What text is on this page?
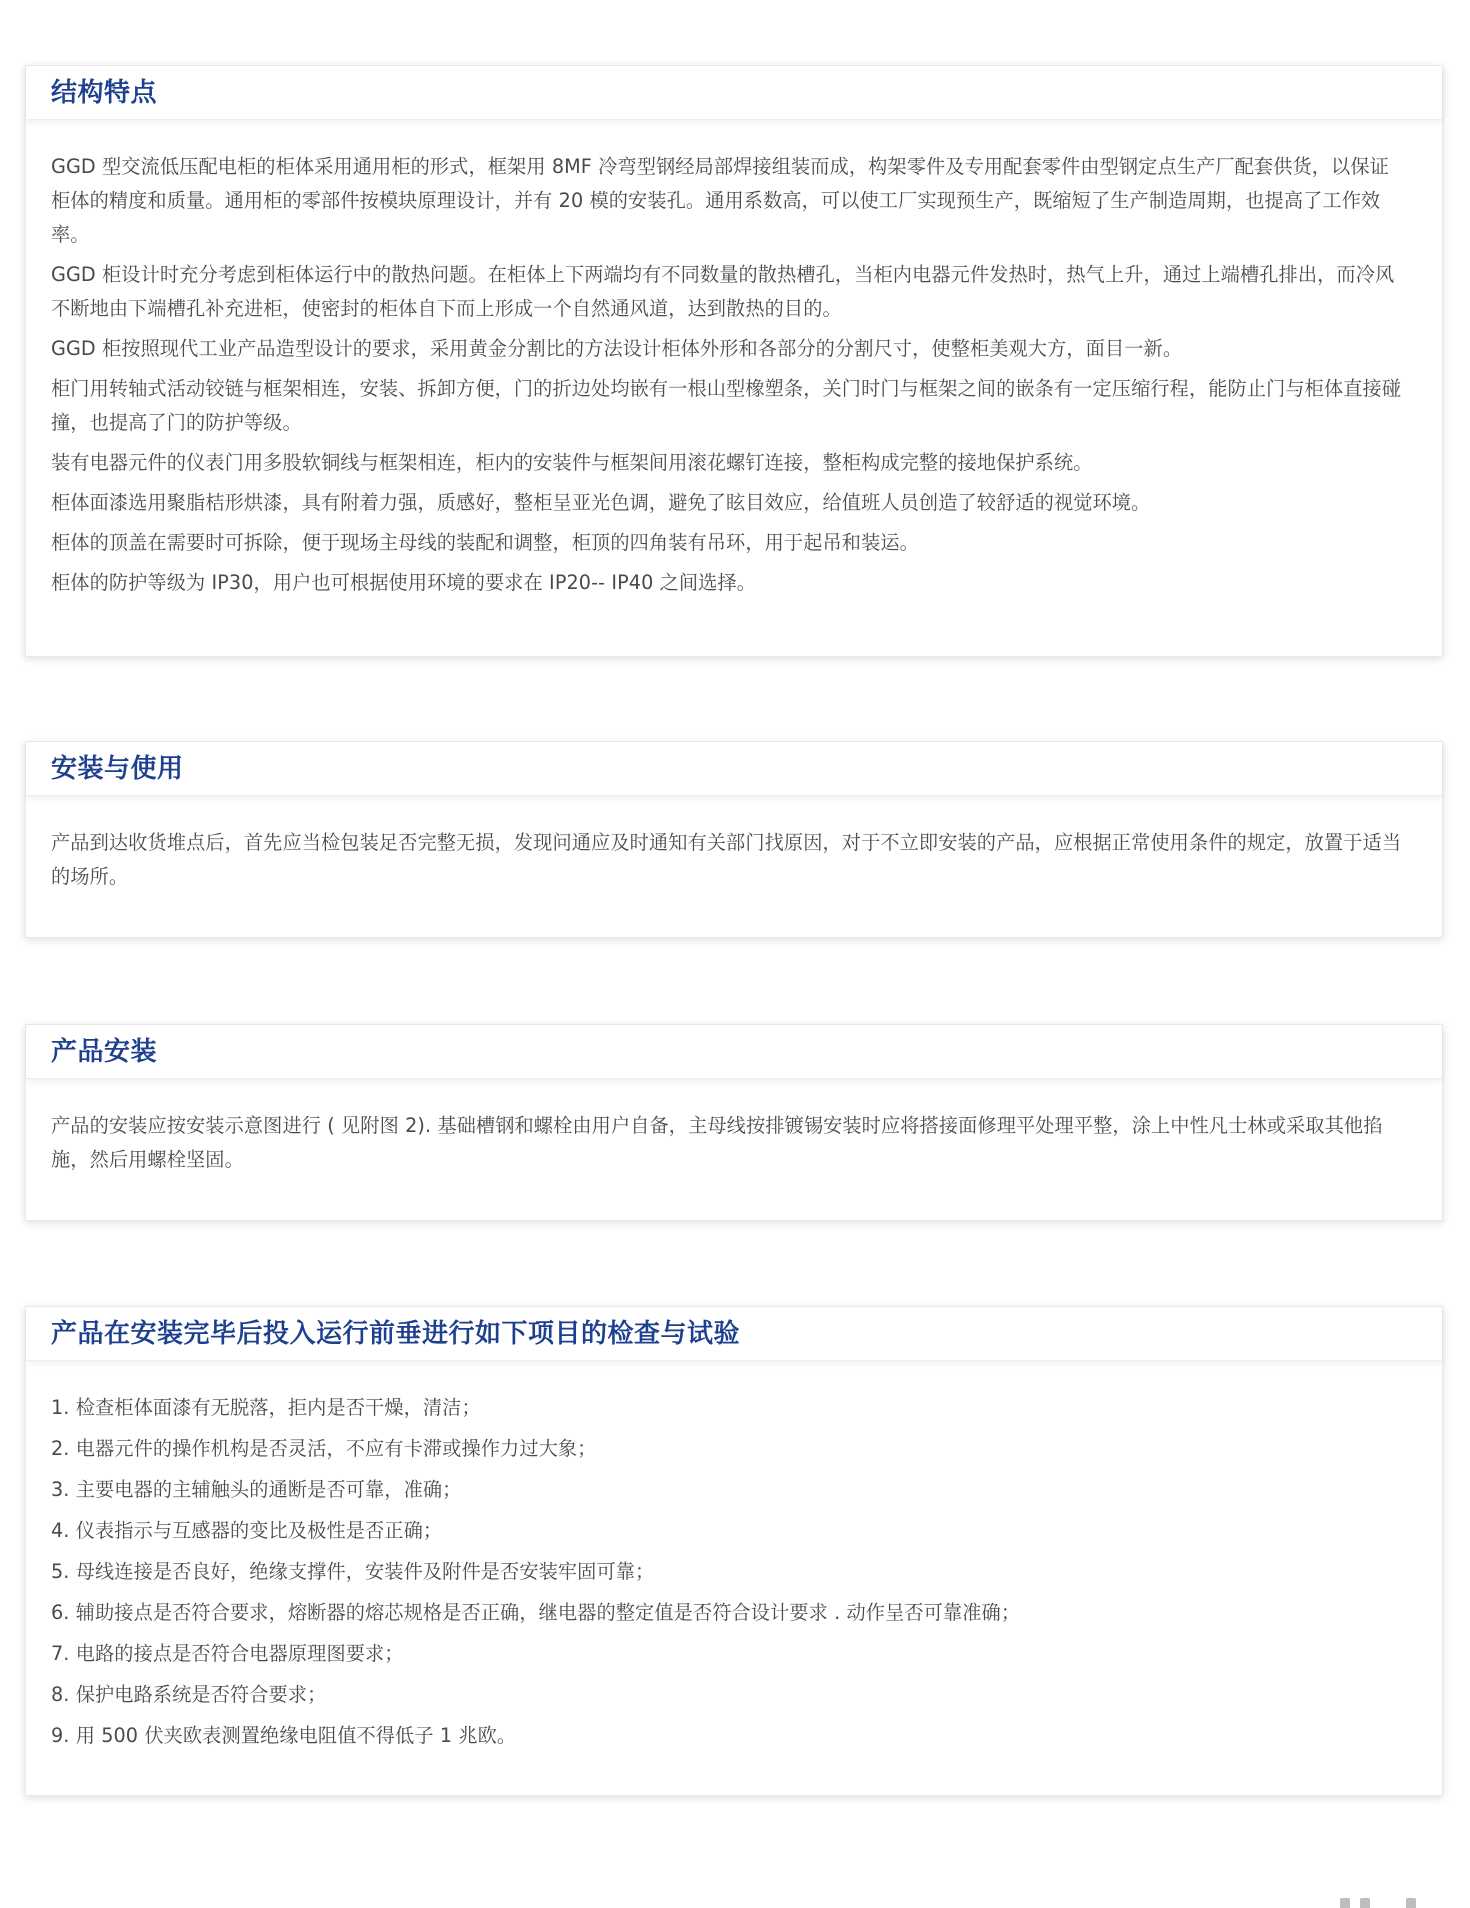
结构特点

GGD 型交流低压配电柜的柜体采用通用柜的形式，框架用 8MF 冷弯型钢经局部焊接组装而成，构架零件及专用配套零件由型钢定点生产厂配套供货，以保证柜体的精度和质量。通用柜的零部件按模块原理设计，并有 20 模的安装孔。通用系数高，可以使工厂实现预生产，既缩短了生产制造周期，也提高了工作效率。

GGD 柜设计时充分考虑到柜体运行中的散热问题。在柜体上下两端均有不同数量的散热槽孔，当柜内电器元件发热时，热气上升，通过上端槽孔排出，而冷风不断地由下端槽孔补充进柜，使密封的柜体自下而上形成一个自然通风道，达到散热的目的。

GGD 柜按照现代工业产品造型设计的要求，采用黄金分割比的方法设计柜体外形和各部分的分割尺寸，使整柜美观大方，面目一新。

柜门用转轴式活动铰链与框架相连，安装、拆卸方便，门的折边处均嵌有一根山型橡塑条，关门时门与框架之间的嵌条有一定压缩行程，能防止门与柜体直接碰撞，也提高了门的防护等级。

装有电器元件的仪表门用多股软铜线与框架相连，柜内的安装件与框架间用滚花螺钉连接，整柜构成完整的接地保护系统。

柜体面漆选用聚脂桔形烘漆，具有附着力强，质感好，整柜呈亚光色调，避免了眩目效应，给值班人员创造了较舒适的视觉环境。

柜体的顶盖在需要时可拆除，便于现场主母线的装配和调整，柜顶的四角装有吊环，用于起吊和装运。

柜体的防护等级为 IP30，用户也可根据使用环境的要求在 IP20-- IP40 之间选择。

安装与使用

产品到达收货堆点后，首先应当检包装足否完整无损，发现问通应及时通知有关部门找原因，对于不立即安装的产品，应根据正常使用条件的规定，放置于适当的场所。

产品安装

产品的安装应按安装示意图进行 ( 见附图 2). 基础槽钢和螺栓由用户自备，主母线按排镀锡安装时应将搭接面修理平处理平整，涂上中性凡士林或采取其他掐施，然后用螺栓坚固。

产品在安装完毕后投入运行前垂进行如下项目的检查与试验

1. 检查柜体面漆有无脱落，拒内是否干燥，清洁；

2. 电器元件的操作机构是否灵活，不应有卡滞或操作力过大象；

3. 主要电器的主辅触头的通断是否可靠，准确；

4. 仪表指示与互感器的变比及极性是否正确；

5. 母线连接是否良好，绝缘支撑件，安装件及附件是否安装牢固可靠；

6. 辅助接点是否符合要求，熔断器的熔芯规格是否正确，继电器的整定值是否符合设计要求 . 动作呈否可靠准确；

7. 电路的接点是否符合电器原理图要求；

8. 保护电路系统是否符合要求；

9. 用 500 伏夹欧表测置绝缘电阻值不得低子 1 兆欧。
